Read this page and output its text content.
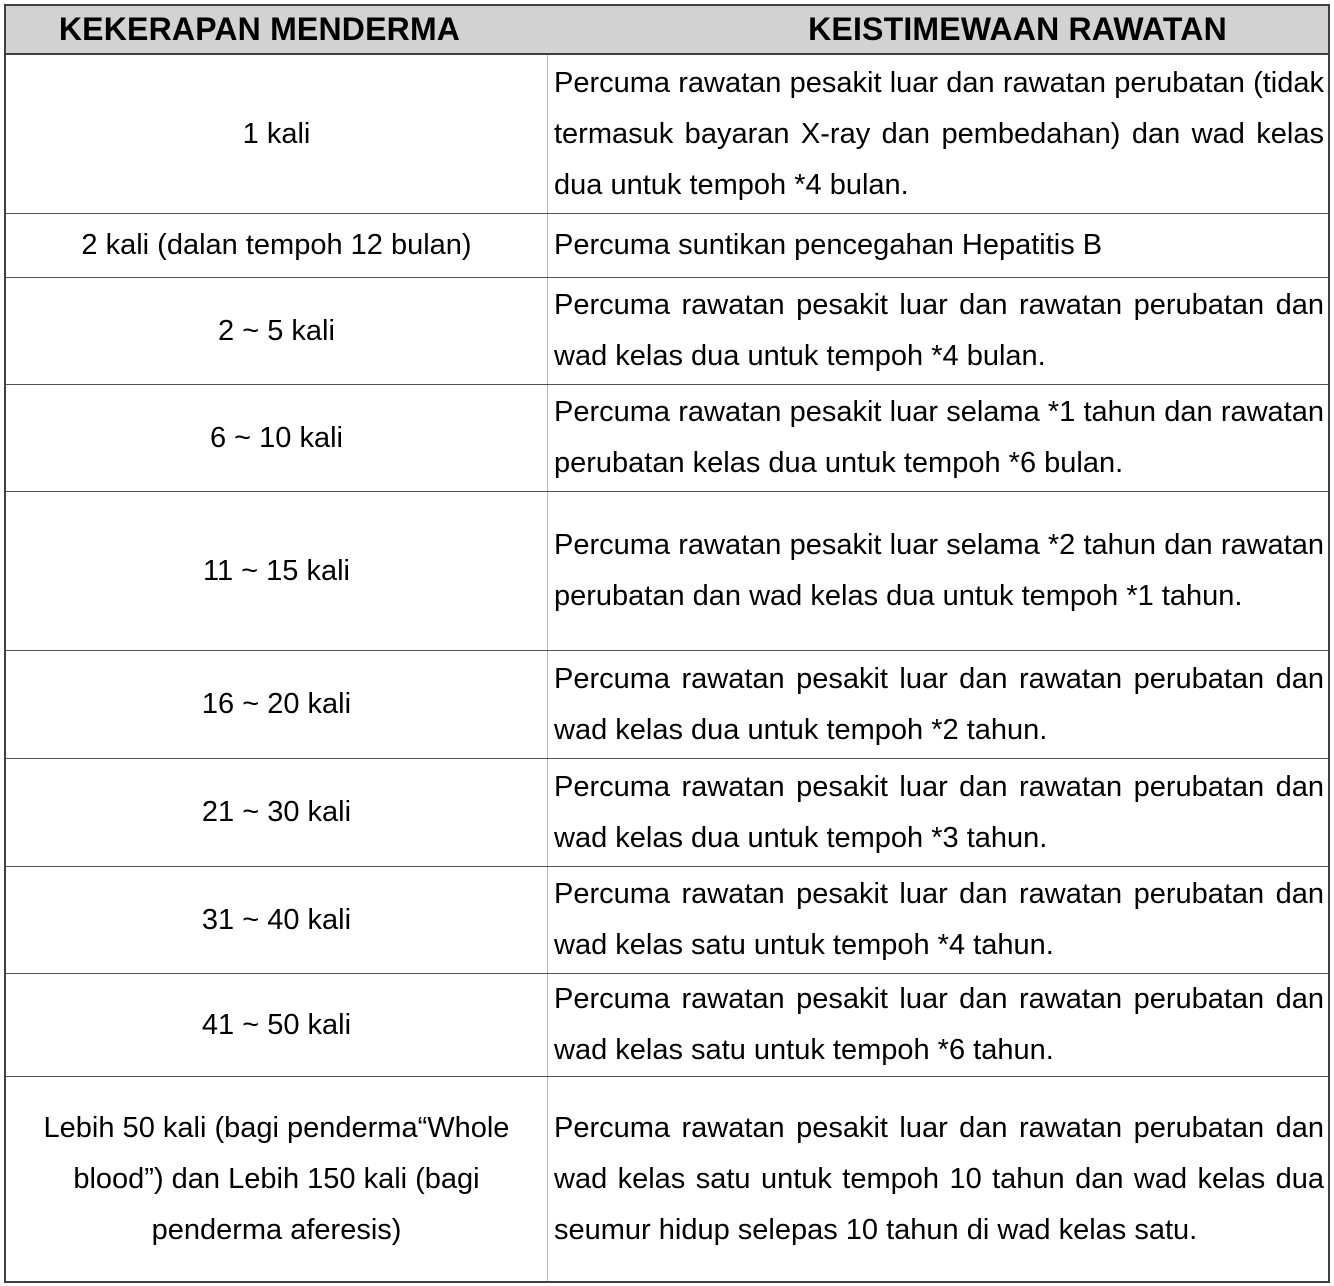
KEKERAPAN MENDERMA	KEISTIMEWAAN RAWATAN
1 kali

Percuma rawatan pesakit luar dan rawatan perubatan (tidak termasuk bayaran X-ray dan pembedahan) dan wad kelas dua untuk tempoh *4 bulan.

2 kali (dalan tempoh 12 bulan)	Percuma suntikan pencegahan Hepatitis B

2 ~ 5 kali

Percuma rawatan pesakit luar dan rawatan perubatan dan wad kelas dua untuk tempoh *4 bulan.

6 ~ 10 kali

Percuma rawatan pesakit luar selama *1 tahun dan rawatan perubatan kelas dua untuk tempoh *6 bulan.

11 ~ 15 kali

Percuma rawatan pesakit luar selama *2 tahun dan rawatan perubatan dan wad kelas dua untuk tempoh *1 tahun.

16 ~ 20 kali

Percuma rawatan pesakit luar dan rawatan perubatan dan wad kelas dua untuk tempoh *2 tahun.

21 ~ 30 kali

Percuma rawatan pesakit luar dan rawatan perubatan dan wad kelas dua untuk tempoh *3 tahun.

31 ~ 40 kali

Percuma rawatan pesakit luar dan rawatan perubatan dan wad kelas satu untuk tempoh *4 tahun.

41 ~ 50 kali

Percuma rawatan pesakit luar dan rawatan perubatan dan wad kelas satu untuk tempoh *6 tahun.

Lebih 50 kali (bagi penderma“Whole blood”) dan Lebih 150 kali (bagi penderma aferesis)

Percuma rawatan pesakit luar dan rawatan perubatan dan wad kelas satu untuk tempoh 10 tahun dan wad kelas dua seumur hidup selepas 10 tahun di wad kelas satu.
